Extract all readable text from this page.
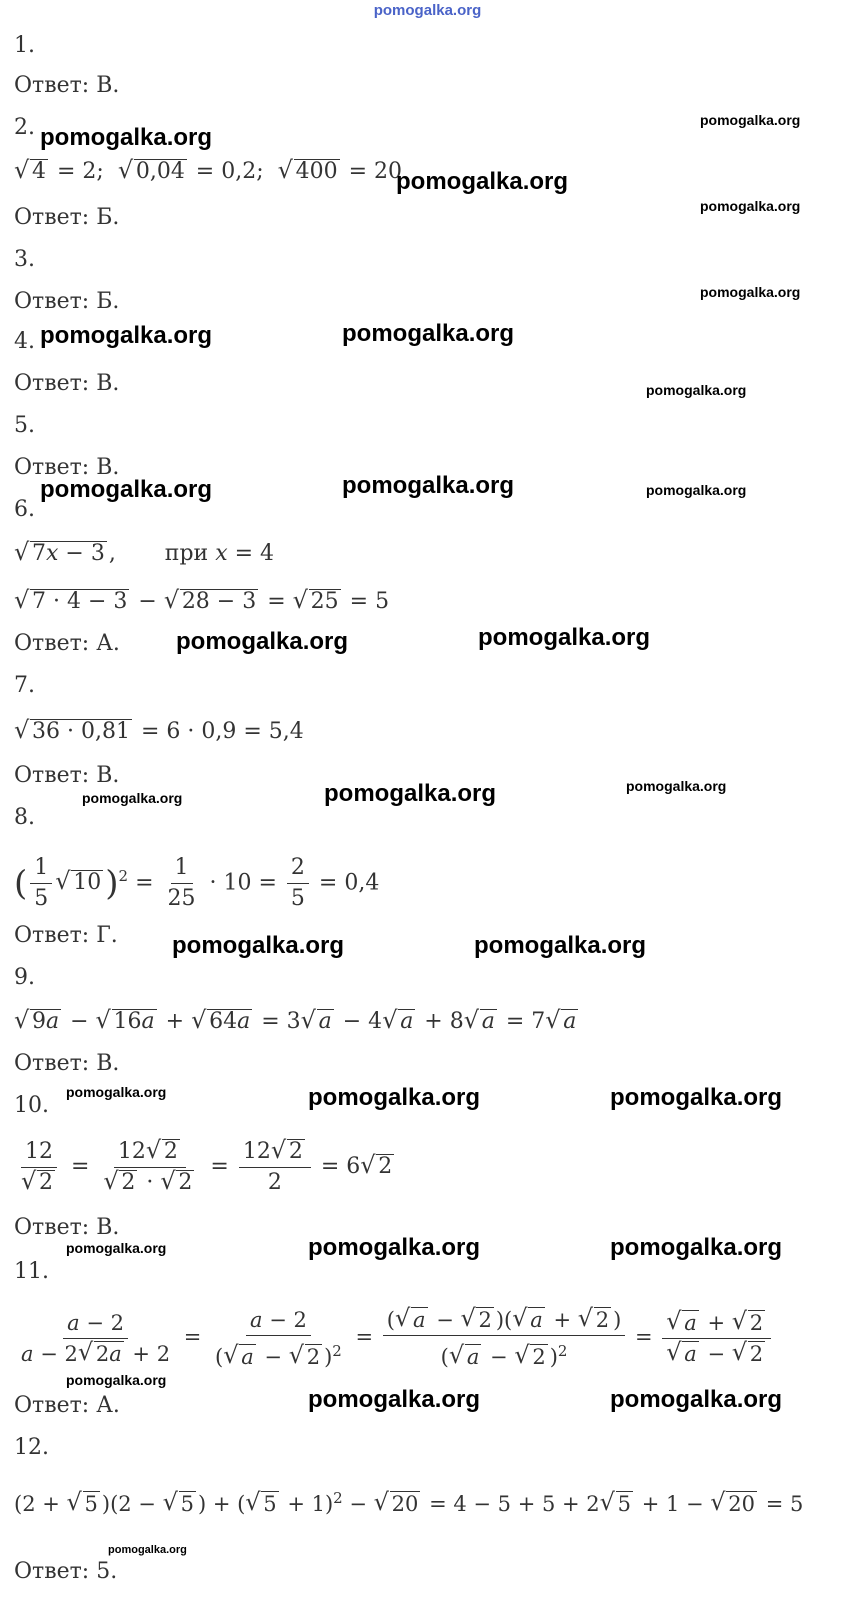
pomogalka.org
1.
Ответ: В.
2.
√ 4 = 2;  √ 0,04 = 0,2;  √ 400 = 20
Ответ: Б.
3.
Ответ: Б.
4.
Ответ: В.
5.
Ответ: В.
6.
√ 7x − 3 ,       при x = 4
√ 7 · 4 − 3 − √ 28 − 3 = √ 25 = 5
Ответ: А.
7.
√ 36 · 0,81 = 6 · 0,9 = 5,4
Ответ: В.
8.
( $\frac{1}{5}$
√ 10 )$^2 = \frac{1}{25} \cdot 10 = \frac{2}{5} = 0,4$
Ответ: Г.
9.
√ 9a − √ 16a + √ 64a = 3√ a − 4√ a + 8√ a = 7√ a
Ответ: В.
10.
12
√ 2 = 12√ 2
√ 2 · √ $2 = \frac{12√ 2}{2} = 6√$ 2
Ответ: В.
11.
$\frac{a - 2}{a - 2√ 2a + 2} = \frac{a - 2}{(√ a - √ 2 )^2} = \frac{(√ a - √ 2 )(√ a + √ 2 )}{(√ a - √ 2 )^2}$ =
√ a + √ 2
√ a − √ 2
Ответ: А.
12.
(2 + √ 5 )(2 − √ 5 ) + (√ 5 + 1)$^2$ − √ 20 = 4 − 5 + 5 + 2√ 5 + 1 − √ 20 = 5
Ответ: 5.
pomogalka.org
pomogalka.org
pomogalka.org
pomogalka.org
pomogalka.org
pomogalka.org	pomogalka.org
pomogalka.org
pomogalka.org	pomogalka.org	pomogalka.org
pomogalka.org	pomogalka.org
pomogalka.org	pomogalka.org	pomogalka.org
pomogalka.org	pomogalka.org
pomogalka.org	pomogalka.org	pomogalka.org
pomogalka.org	pomogalka.org	pomogalka.org
pomogalka.org
pomogalka.org	pomogalka.org
pomogalka.org
